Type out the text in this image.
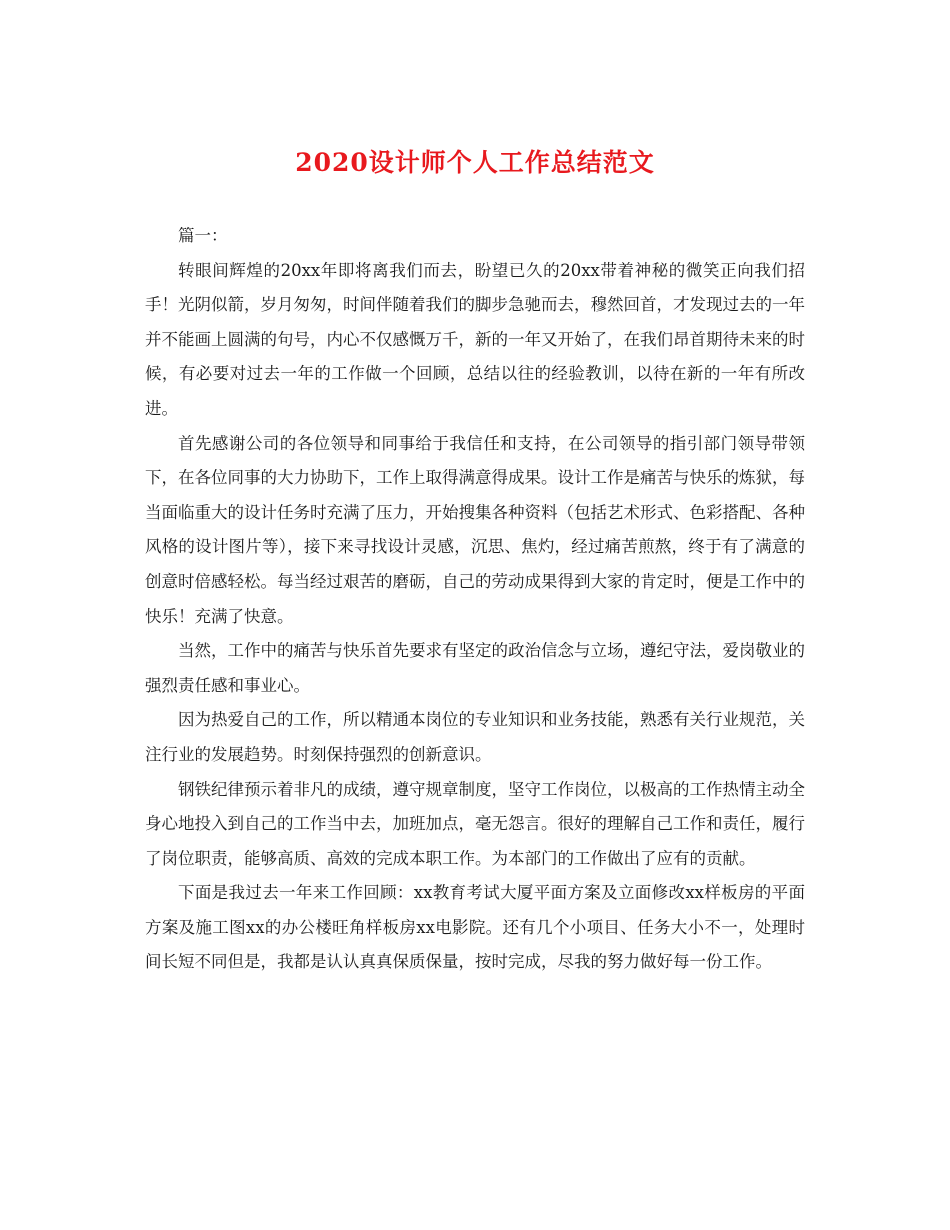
2020设计师个人工作总结范文

篇一：

转眼间辉煌的20xx年即将离我们而去，盼望已久的20xx带着神秘的微笑正向我们招手！光阴似箭，岁月匆匆，时间伴随着我们的脚步急驰而去，穆然回首，才发现过去的一年并不能画上圆满的句号，内心不仅感慨万千，新的一年又开始了，在我们昂首期待未来的时候，有必要对过去一年的工作做一个回顾，总结以往的经验教训，以待在新的一年有所改进。

首先感谢公司的各位领导和同事给于我信任和支持，在公司领导的指引部门领导带领下，在各位同事的大力协助下，工作上取得满意得成果。设计工作是痛苦与快乐的炼狱，每当面临重大的设计任务时充满了压力，开始搜集各种资料（包括艺术形式、色彩搭配、各种风格的设计图片等），接下来寻找设计灵感，沉思、焦灼，经过痛苦煎熬，终于有了满意的创意时倍感轻松。每当经过艰苦的磨砺，自己的劳动成果得到大家的肯定时，便是工作中的快乐！充满了快意。

当然，工作中的痛苦与快乐首先要求有坚定的政治信念与立场，遵纪守法，爱岗敬业的强烈责任感和事业心。

因为热爱自己的工作，所以精通本岗位的专业知识和业务技能，熟悉有关行业规范，关注行业的发展趋势。时刻保持强烈的创新意识。

钢铁纪律预示着非凡的成绩，遵守规章制度，坚守工作岗位，以极高的工作热情主动全身心地投入到自己的工作当中去，加班加点，毫无怨言。很好的理解自己工作和责任，履行了岗位职责，能够高质、高效的完成本职工作。为本部门的工作做出了应有的贡献。

下面是我过去一年来工作回顾：xx教育考试大厦平面方案及立面修改xx样板房的平面方案及施工图xx的办公楼旺角样板房xx电影院。还有几个小项目、任务大小不一，处理时间长短不同但是，我都是认认真真保质保量，按时完成，尽我的努力做好每一份工作。
